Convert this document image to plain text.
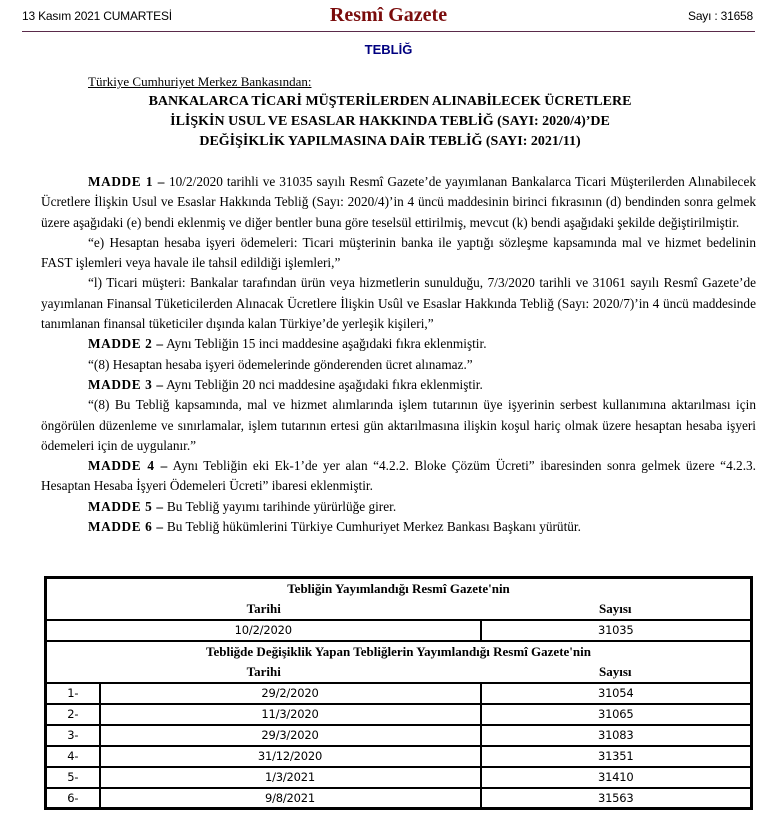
13 Kasım 2021 CUMARTESİ	Resmî Gazete	Sayı : 31658
TEBLİĞ
Türkiye Cumhuriyet Merkez Bankasından:
BANKALARCA TİCARİ MÜŞTERİLERDEN ALINABİLECEK ÜCRETLERE
İLİŞKİN USUL VE ESASLAR HAKKINDA TEBLİĞ (SAYI: 2020/4)’DE
DEĞİŞİKLİK YAPILMASINA DAİR TEBLİĞ (SAYI: 2021/11)

MADDE 1 – 10/2/2020 tarihli ve 31035 sayılı Resmî Gazete’de yayımlanan Bankalarca Ticari Müşterilerden Alınabilecek Ücretlere İlişkin Usul ve Esaslar Hakkında Tebliğ (Sayı: 2020/4)’in 4 üncü maddesinin birinci fıkrasının (d) bendinden sonra gelmek üzere aşağıdaki (e) bendi eklenmiş ve diğer bentler buna göre teselsül ettirilmiş, mevcut (k) bendi aşağıdaki şekilde değiştirilmiştir.

“e) Hesaptan hesaba işyeri ödemeleri: Ticari müşterinin banka ile yaptığı sözleşme kapsamında mal ve hizmet bedelinin FAST işlemleri veya havale ile tahsil edildiği işlemleri,”

“l) Ticari müşteri: Bankalar tarafından ürün veya hizmetlerin sunulduğu, 7/3/2020 tarihli ve 31061 sayılı Resmî Gazete’de yayımlanan Finansal Tüketicilerden Alınacak Ücretlere İlişkin Usûl ve Esaslar Hakkında Tebliğ (Sayı: 2020/7)’in 4 üncü maddesinde tanımlanan finansal tüketiciler dışında kalan Türkiye’de yerleşik kişileri,”

MADDE 2 – Aynı Tebliğin 15 inci maddesine aşağıdaki fıkra eklenmiştir.

“(8) Hesaptan hesaba işyeri ödemelerinde gönderenden ücret alınamaz.”

MADDE 3 – Aynı Tebliğin 20 nci maddesine aşağıdaki fıkra eklenmiştir.

“(8) Bu Tebliğ kapsamında, mal ve hizmet alımlarında işlem tutarının üye işyerinin serbest kullanımına aktarılması için öngörülen düzenleme ve sınırlamalar, işlem tutarının ertesi gün aktarılmasına ilişkin koşul hariç olmak üzere hesaptan hesaba işyeri ödemeleri için de uygulanır.”

MADDE 4 – Aynı Tebliğin eki Ek-1’de yer alan “4.2.2. Bloke Çözüm Ücreti” ibaresinden sonra gelmek üzere “4.2.3. Hesaptan Hesaba İşyeri Ödemeleri Ücreti” ibaresi eklenmiştir.

MADDE 5 – Bu Tebliğ yayımı tarihinde yürürlüğe girer.

MADDE 6 – Bu Tebliğ hükümlerini Türkiye Cumhuriyet Merkez Bankası Başkanı yürütür.

Tebliğin Yayımlandığı Resmî Gazete'nin		
Tarihi		Sayısı
10/2/2020		31035
Tebliğde Değişiklik Yapan Tebliğlerin Yayımlandığı Resmî Gazete'nin		
Tarihi		Sayısı
1-	29/2/2020	31054
2-	11/3/2020	31065
3-	29/3/2020	31083
4-	31/12/2020	31351
5-	1/3/2021	31410
6-	9/8/2021	31563
